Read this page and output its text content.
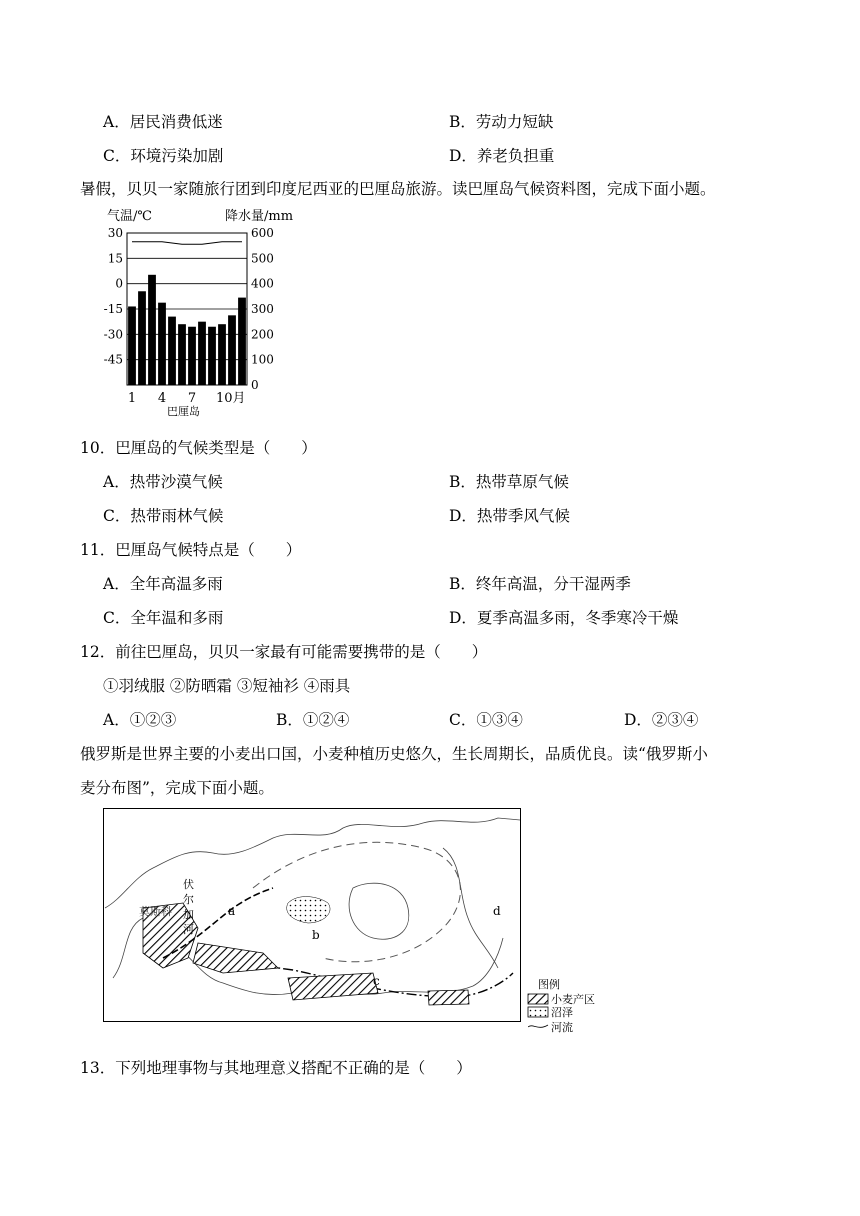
A．居民消费低迷	B．劳动力短缺
C．环境污染加剧	D．养老负担重
暑假，贝贝一家随旅行团到印度尼西亚的巴厘岛旅游。读巴厘岛气候资料图，完成下面小题。
气温/℃	降水量/mm
600
500
400
300
200
100
0
30
15
0
-15
-30
-45
1 4 7 10月
巴厘岛
10．巴厘岛的气候类型是（　　）
A．热带沙漠气候	B．热带草原气候
C．热带雨林气候	D．热带季风气候
11．巴厘岛气候特点是（　　）
A．全年高温多雨	B．终年高温，分干湿两季
C．全年温和多雨	D．夏季高温多雨，冬季寒冷干燥
12．前往巴厘岛，贝贝一家最有可能需要携带的是（　　）
①羽绒服 ②防晒霜 ③短袖衫 ④雨具
A．①②③	B．①②④	C．①③④	D．②③④
俄罗斯是世界主要的小麦出口国，小麦种植历史悠久，生长周期长，品质优良。读“俄罗斯小
麦分布图”，完成下面小题。
a
b
c
d
莫斯科
伏
尔
加
河
图例
小麦产区
沼泽
河流
13．下列地理事物与其地理意义搭配不正确的是（　　）
